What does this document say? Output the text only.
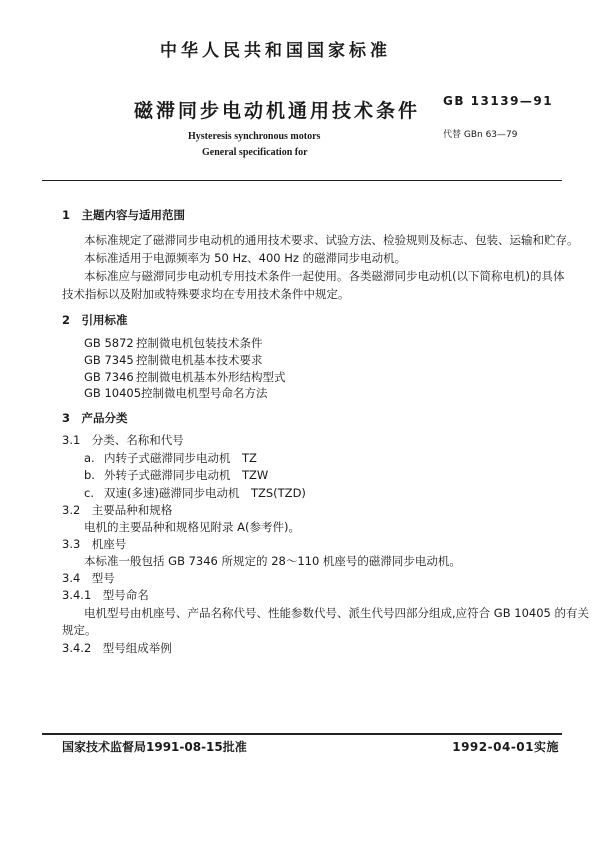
中华人民共和国国家标准
磁滞同步电动机通用技术条件 GB 13139—91
代替 GBn 63—79
Hysteresis synchronous motors
General specification for
1　主题内容与适用范围
本标准规定了磁滞同步电动机的通用技术要求、试验方法、检验规则及标志、包装、运输和贮存。
本标准适用于电源频率为 50 Hz、400 Hz 的磁滞同步电动机。
本标准应与磁滞同步电动机专用技术条件一起使用。各类磁滞同步电动机(以下简称电机)的具体
技术指标以及附加或特殊要求均在专用技术条件中规定。
2　引用标准
GB 5872 控制微电机包装技术条件
GB 7345 控制微电机基本技术要求
GB 7346 控制微电机基本外形结构型式
GB 10405控制微电机型号命名方法
3　产品分类
3.1　分类、名称和代号
a. 内转子式磁滞同步电动机　TZ
b. 外转子式磁滞同步电动机　TZW
c. 双速(多速)磁滞同步电动机　TZS(TZD)
3.2　主要品种和规格
电机的主要品种和规格见附录 A(参考件)。
3.3　机座号
本标准一般包括 GB 7346 所规定的 28～110 机座号的磁滞同步电动机。
3.4　型号
3.4.1　型号命名
电机型号由机座号、产品名称代号、性能参数代号、派生代号四部分组成,应符合 GB 10405 的有关
规定。
3.4.2　型号组成举例
国家技术监督局1991-08-15批准	1992-04-01实施
